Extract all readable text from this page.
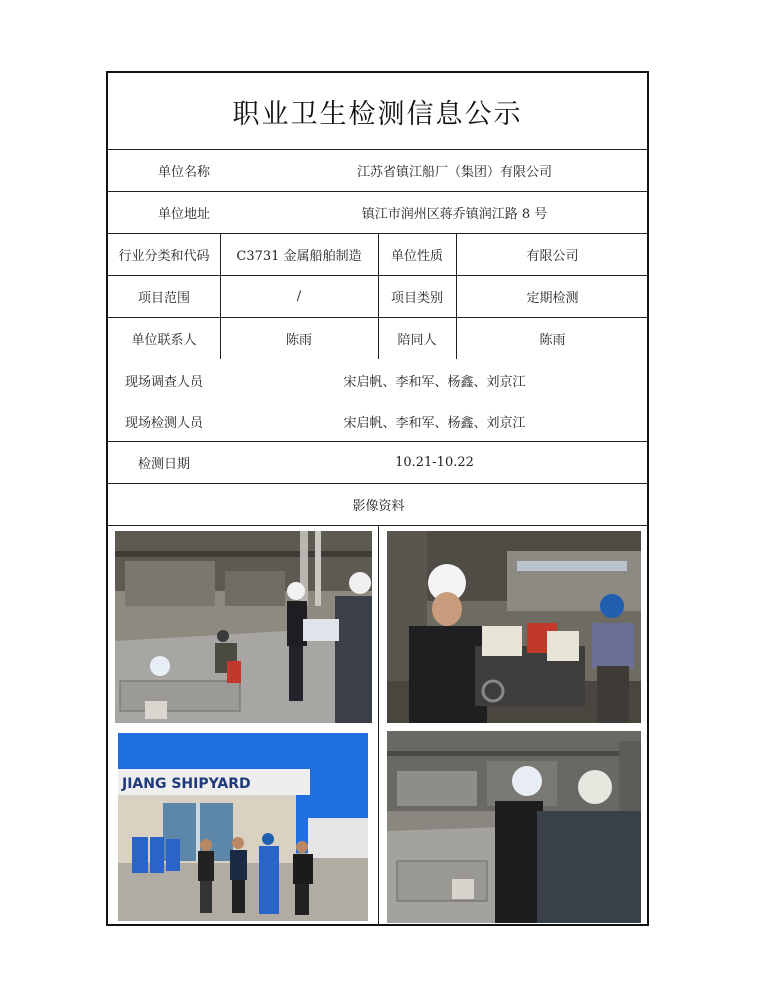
职业卫生检测信息公示
单位名称	江苏省镇江船厂（集团）有限公司
单位地址	镇江市润州区蒋乔镇润江路 8 号
行业分类和代码	C3731 金属船舶制造	单位性质	有限公司
项目范围	/	项目类别	定期检测
单位联系人	陈雨	陪同人	陈雨
现场调查人员	宋启帆、李和军、杨鑫、刘京江
现场检测人员	宋启帆、李和军、杨鑫、刘京江
检测日期	10.21-10.22
影像资料
JIANG SHIPYARD
